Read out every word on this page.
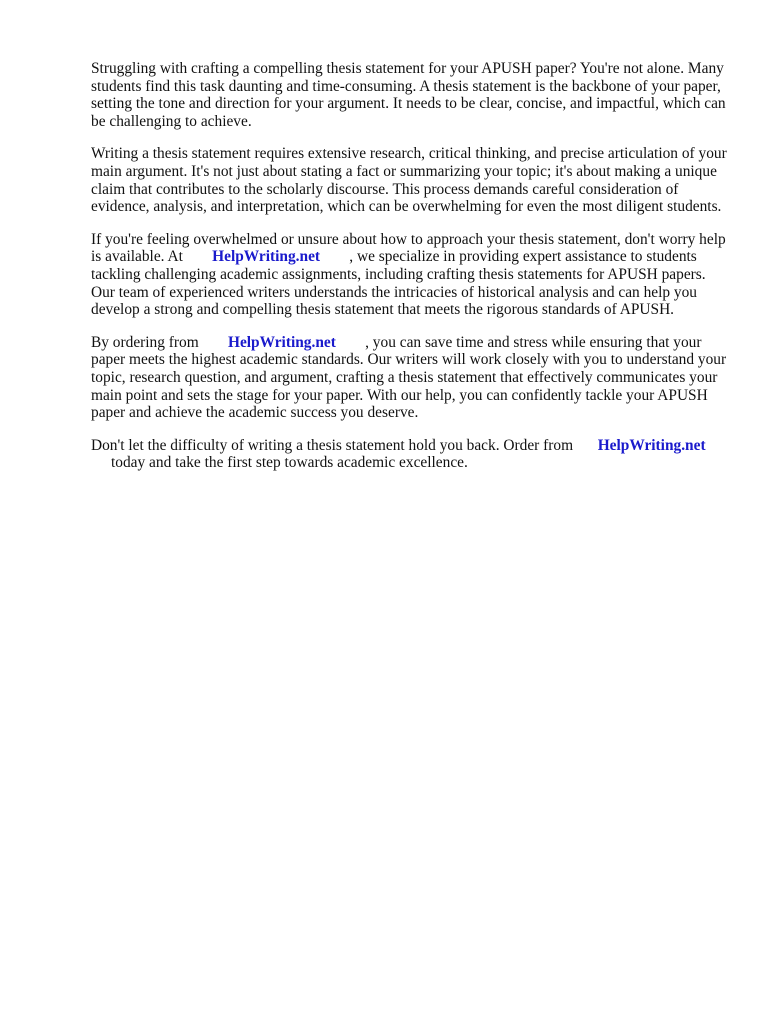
Struggling with crafting a compelling thesis statement for your APUSH paper? You're not alone. Many students find this task daunting and time-consuming. A thesis statement is the backbone of your paper, setting the tone and direction for your argument. It needs to be clear, concise, and impactful, which can be challenging to achieve.

Writing a thesis statement requires extensive research, critical thinking, and precise articulation of your main argument. It's not just about stating a fact or summarizing your topic; it's about making a unique claim that contributes to the scholarly discourse. This process demands careful consideration of evidence, analysis, and interpretation, which can be overwhelming for even the most diligent students.

If you're feeling overwhelmed or unsure about how to approach your thesis statement, don't worry help is available. At HelpWriting.net , we specialize in providing expert assistance to students tackling challenging academic assignments, including crafting thesis statements for APUSH papers. Our team of experienced writers understands the intricacies of historical analysis and can help you develop a strong and compelling thesis statement that meets the rigorous standards of APUSH.

By ordering from HelpWriting.net , you can save time and stress while ensuring that your paper meets the highest academic standards. Our writers will work closely with you to understand your topic, research question, and argument, crafting a thesis statement that effectively communicates your main point and sets the stage for your paper. With our help, you can confidently tackle your APUSH paper and achieve the academic success you deserve.

Don't let the difficulty of writing a thesis statement hold you back. Order from HelpWriting.net
today and take the first step towards academic excellence.
